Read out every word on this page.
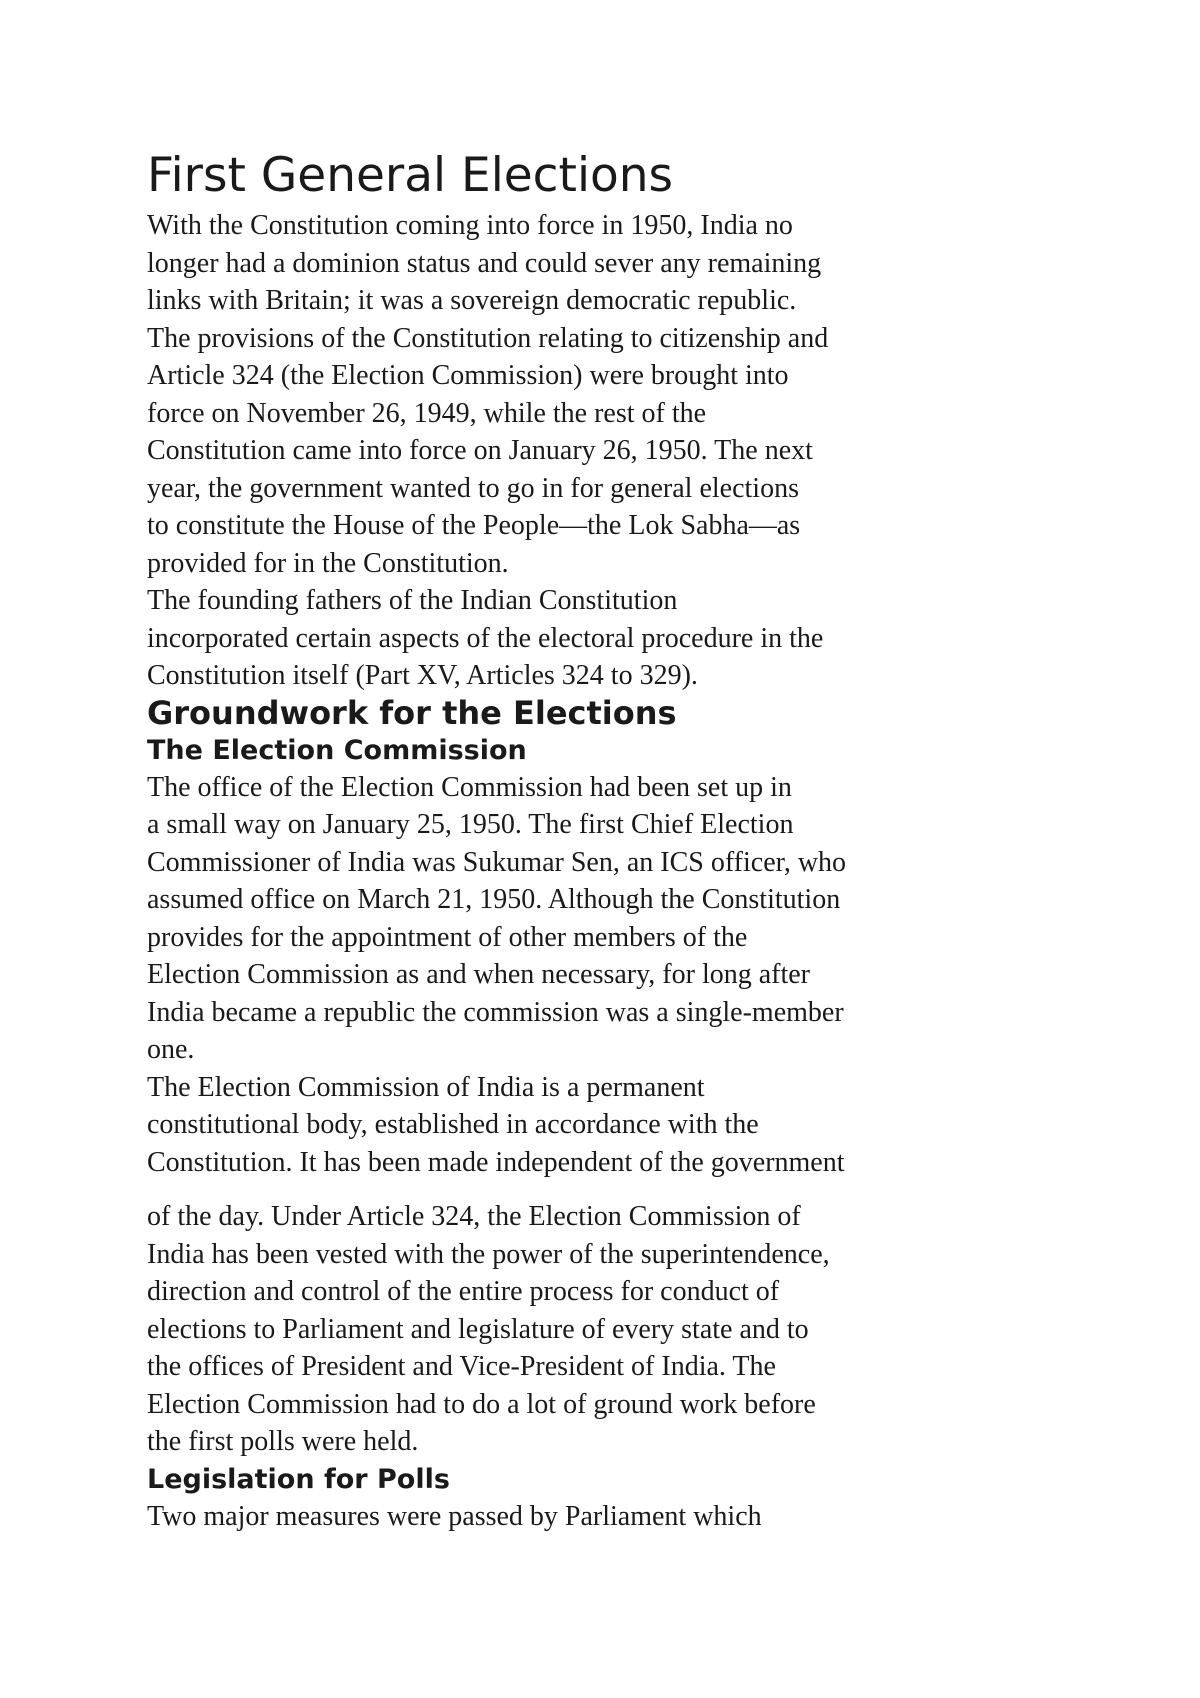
First General Elections
With the Constitution coming into force in 1950, India no
longer had a dominion status and could sever any remaining
links with Britain; it was a sovereign democratic republic.
The provisions of the Constitution relating to citizenship and
Article 324 (the Election Commission) were brought into
force on November 26, 1949, while the rest of the
Constitution came into force on January 26, 1950. The next
year, the government wanted to go in for general elections
to constitute the House of the People—the Lok Sabha—as
provided for in the Constitution.
The founding fathers of the Indian Constitution
incorporated certain aspects of the electoral procedure in the
Constitution itself (Part XV, Articles 324 to 329).
Groundwork for the Elections
The Election Commission
The office of the Election Commission had been set up in
a small way on January 25, 1950. The first Chief Election
Commissioner of India was Sukumar Sen, an ICS officer, who
assumed office on March 21, 1950. Although the Constitution
provides for the appointment of other members of the
Election Commission as and when necessary, for long after
India became a republic the commission was a single-member
one.
The Election Commission of India is a permanent
constitutional body, established in accordance with the
Constitution. It has been made independent of the government
of the day. Under Article 324, the Election Commission of
India has been vested with the power of the superintendence,
direction and control of the entire process for conduct of
elections to Parliament and legislature of every state and to
the offices of President and Vice-President of India. The
Election Commission had to do a lot of ground work before
the first polls were held.
Legislation for Polls
Two major measures were passed by Parliament which
